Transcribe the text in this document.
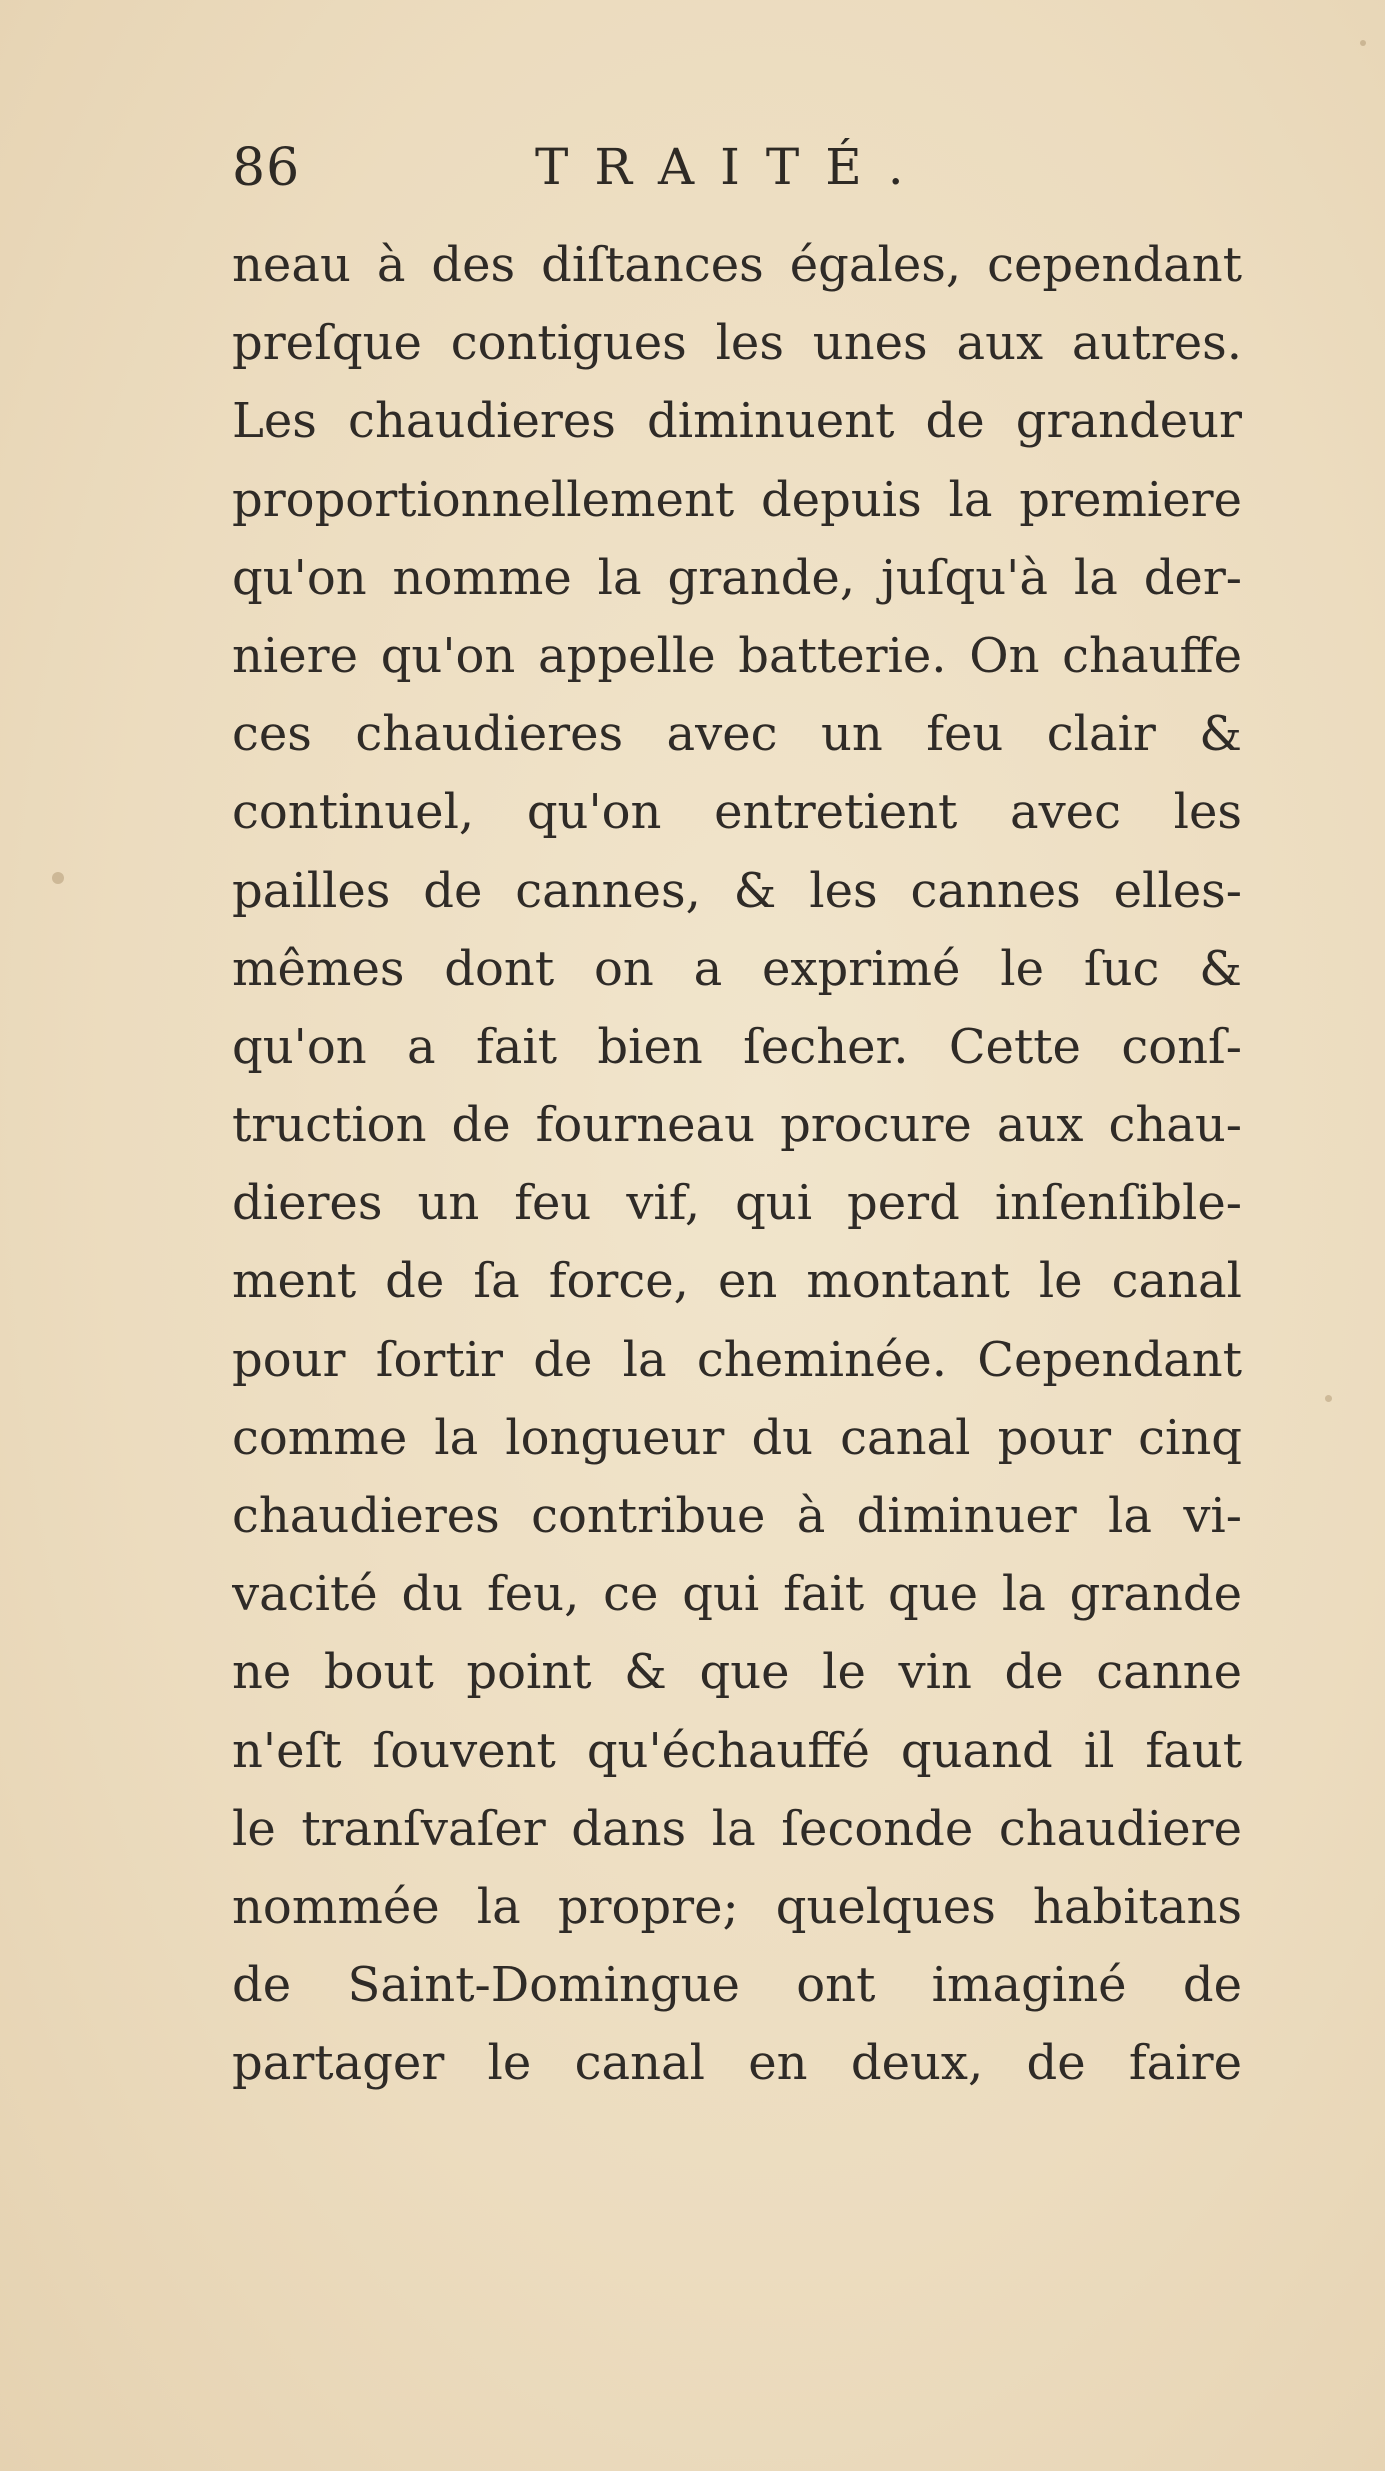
86	TRAITÉ.
neau à des diſtances égales, cependant
preſque contigues les unes aux autres.
Les chaudieres diminuent de grandeur
proportionnellement depuis la premiere
qu'on nomme la grande, juſqu'à la der-
niere qu'on appelle batterie. On chauffe
ces chaudieres avec un feu clair &
continuel, qu'on entretient avec les
pailles de cannes, & les cannes elles-
mêmes dont on a exprimé le ſuc &
qu'on a fait bien ſecher. Cette conſ-
truction de fourneau procure aux chau-
dieres un feu vif, qui perd inſenſible-
ment de ſa force, en montant le canal
pour ſortir de la cheminée. Cependant
comme la longueur du canal pour cinq
chaudieres contribue à diminuer la vi-
vacité du feu, ce qui fait que la grande
ne bout point & que le vin de canne
n'eſt ſouvent qu'échauffé quand il faut
le tranſvaſer dans la ſeconde chaudiere
nommée la propre; quelques habitans
de Saint-Domingue ont imaginé de
partager le canal en deux, de faire
